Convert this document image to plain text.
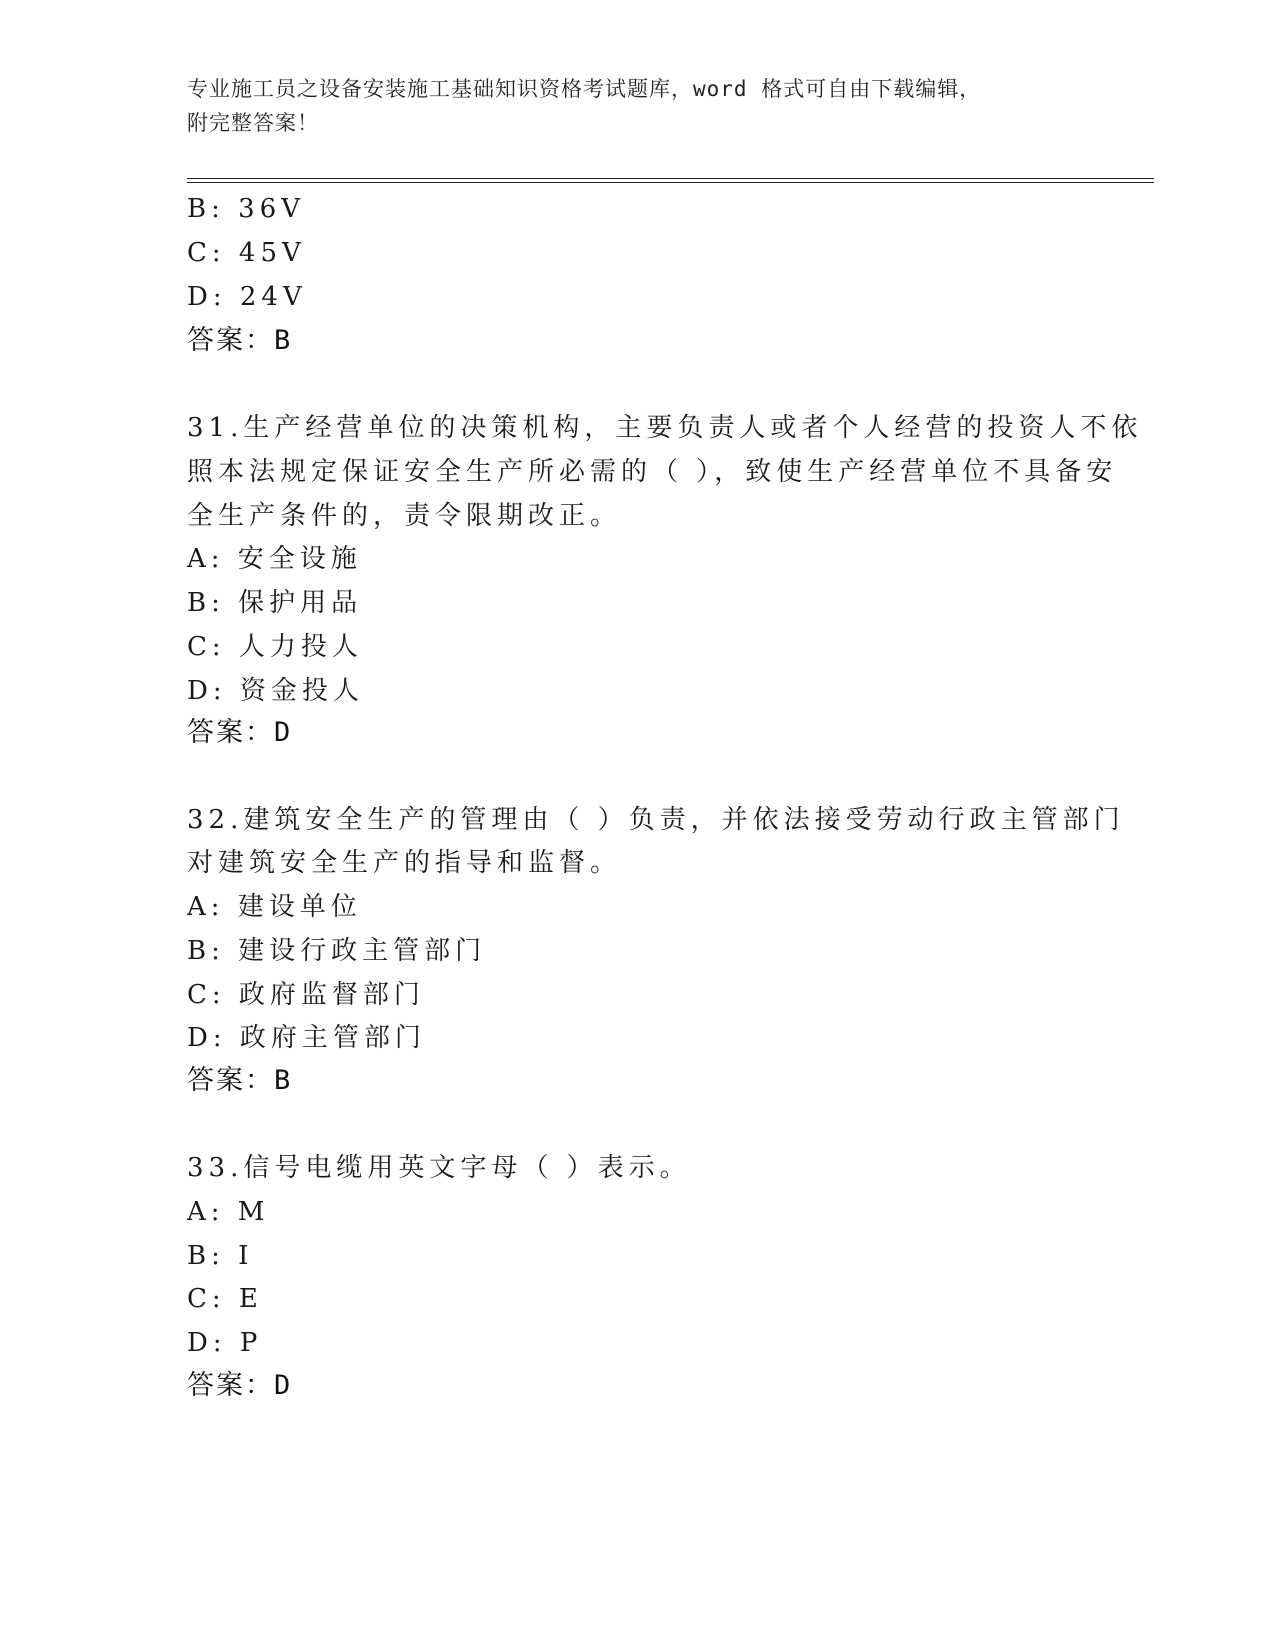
专业施工员之设备安装施工基础知识资格考试题库，word 格式可自由下载编辑，
附完整答案！
B: 36V
C: 45V
D: 24V
答案：B
31.生产经营单位的决策机构，主要负责人或者个人经营的投资人不依
照本法规定保证安全生产所必需的（ ），致使生产经营单位不具备安
全生产条件的，责令限期改正。
A: 安全设施
B: 保护用品
C: 人力投人
D: 资金投人
答案：D
32.建筑安全生产的管理由（ ）负责，并依法接受劳动行政主管部门
对建筑安全生产的指导和监督。
A: 建设单位
B: 建设行政主管部门
C: 政府监督部门
D: 政府主管部门
答案：B
33.信号电缆用英文字母（ ）表示。
A: M
B: I
C: E
D: P
答案：D
